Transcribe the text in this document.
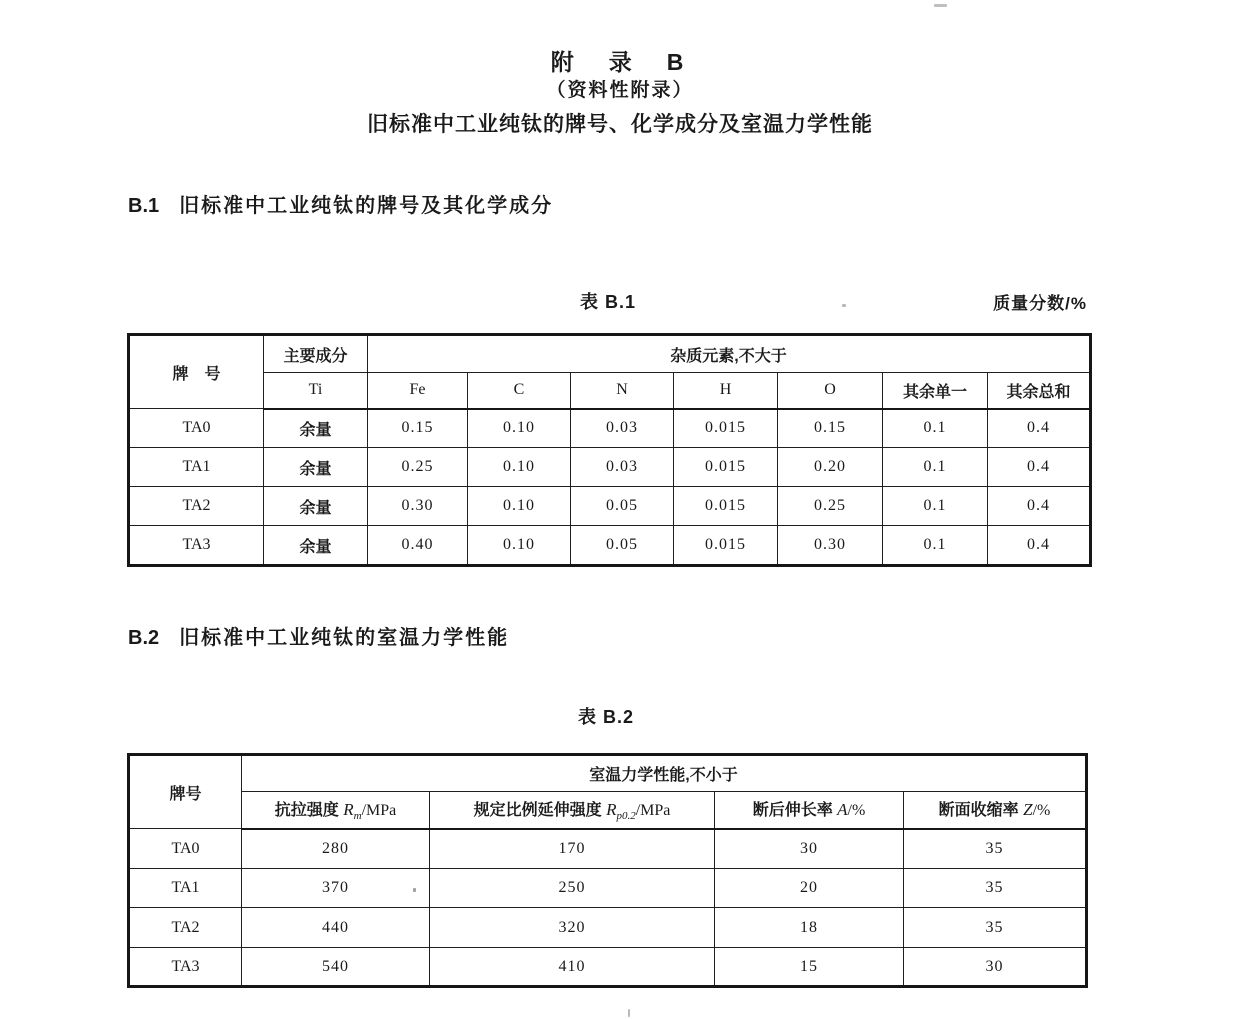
附　录　B
（资料性附录）
旧标准中工业纯钛的牌号、化学成分及室温力学性能
B.1 旧标准中工业纯钛的牌号及其化学成分
表 B.1	质量分数/%
牌　号	主要成分	杂质元素,不大于						
	Ti	Fe	C	N	H	O	其余单一	其余总和
TA0	余量	0.15	0.10	0.03	0.015	0.15	0.1	0.4
TA1	余量	0.25	0.10	0.03	0.015	0.20	0.1	0.4
TA2	余量	0.30	0.10	0.05	0.015	0.25	0.1	0.4
TA3	余量	0.40	0.10	0.05	0.015	0.30	0.1	0.4
B.2 旧标准中工业纯钛的室温力学性能
表 B.2
牌号	室温力学性能,不小于			
	抗拉强度 $R_m$/MPa	规定比例延伸强度 $R_{p0.2}$/MPa	断后伸长率 A/%	断面收缩率 Z/%
TA0	280	170	30	35
TA1	370	250	20	35
TA2	440	320	18	35
TA3	540	410	15	30
